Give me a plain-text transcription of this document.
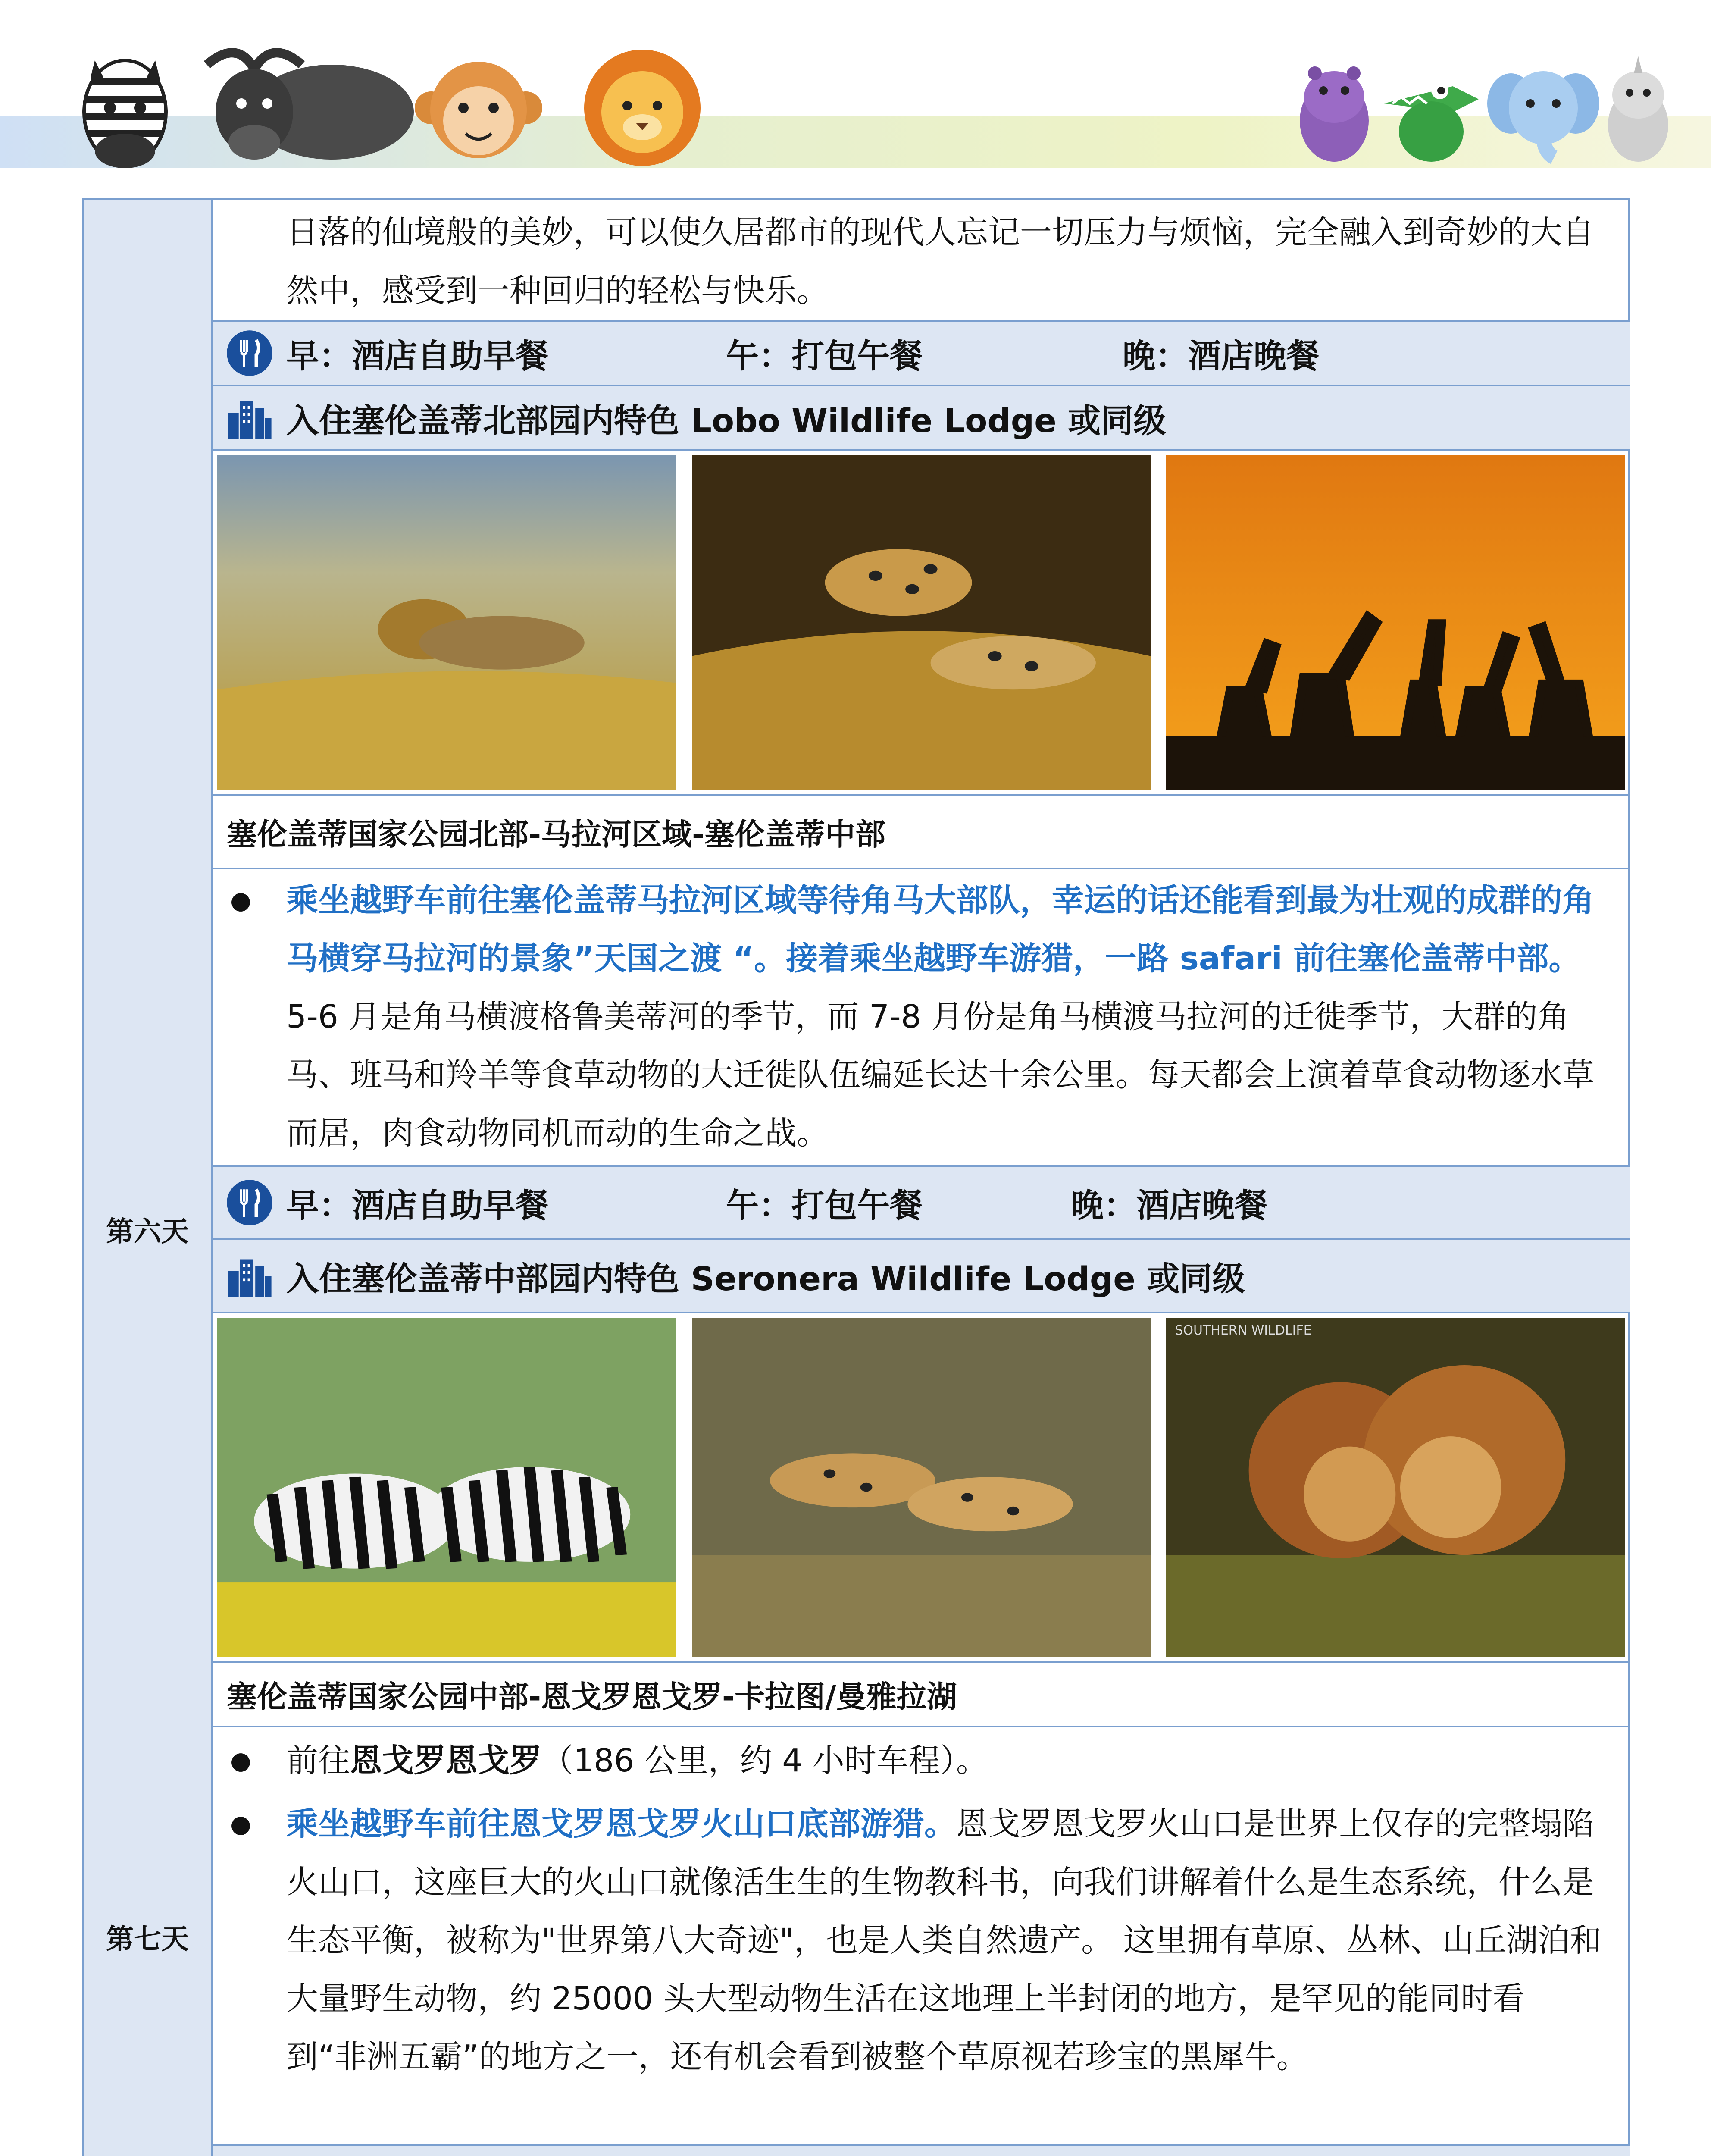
日落的仙境般的美妙，可以使久居都市的现代人忘记一切压力与烦恼，完全融入到奇妙的大自然中，感受到一种回归的轻松与快乐。
早：酒店自助早餐	午：打包午餐	晚：酒店晚餐
入住塞伦盖蒂北部园内特色 Lobo Wildlife Lodge 或同级
第六天
塞伦盖蒂国家公园北部-马拉河区域-塞伦盖蒂中部
● 乘坐越野车前往塞伦盖蒂马拉河区域等待角马大部队，幸运的话还能看到最为壮观的成群的角马横穿马拉河的景象”天国之渡 “。接着乘坐越野车游猎，一路 safari 前往塞伦盖蒂中部。5-6 月是角马横渡格鲁美蒂河的季节，而 7-8 月份是角马横渡马拉河的迁徙季节，大群的角马、班马和羚羊等食草动物的大迁徙队伍编延长达十余公里。每天都会上演着草食动物逐水草而居，肉食动物同机而动的生命之战。
早：酒店自助早餐	午：打包午餐	晚：酒店晚餐
入住塞伦盖蒂中部园内特色 Seronera Wildlife Lodge 或同级
SOUTHERN WILDLIFE
第七天
塞伦盖蒂国家公园中部-恩戈罗恩戈罗-卡拉图/曼雅拉湖
● 前往恩戈罗恩戈罗（186 公里，约 4 小时车程）。
● 乘坐越野车前往恩戈罗恩戈罗火山口底部游猎。恩戈罗恩戈罗火山口是世界上仅存的完整塌陷火山口，这座巨大的火山口就像活生生的生物教科书，向我们讲解着什么是生态系统，什么是生态平衡，被称为"世界第八大奇迹"，也是人类自然遗产。 这里拥有草原、丛林、山丘湖泊和大量野生动物，约 25000 头大型动物生活在这地理上半封闭的地方，是罕见的能同时看到“非洲五霸”的地方之一，还有机会看到被整个草原视若珍宝的黑犀牛。
